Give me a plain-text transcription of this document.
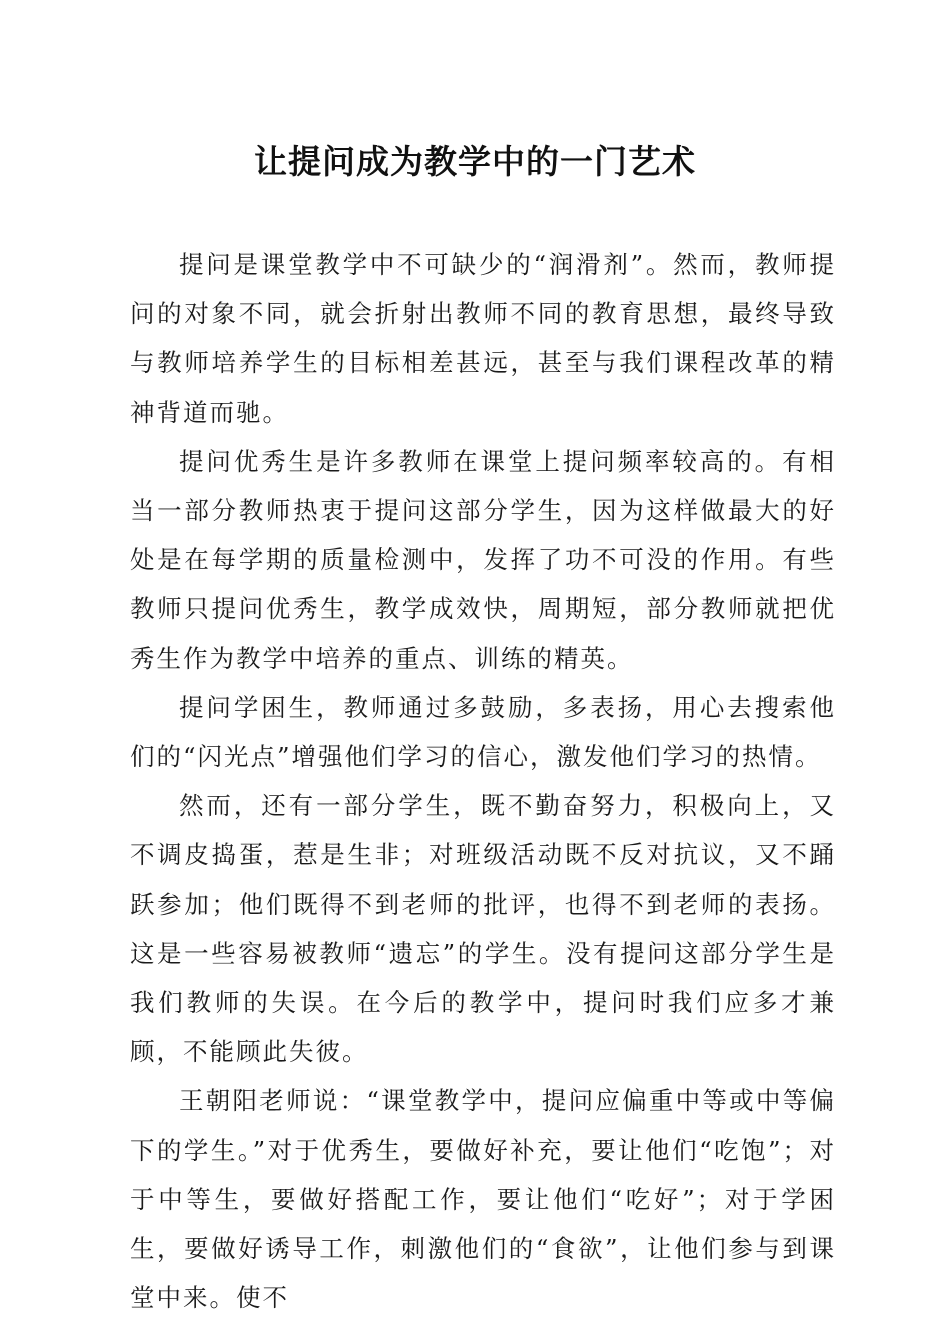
让提问成为教学中的一门艺术

提问是课堂教学中不可缺少的“润滑剂”。然而，教师提问的对象不同，就会折射出教师不同的教育思想，最终导致与教师培养学生的目标相差甚远，甚至与我们课程改革的精神背道而驰。

提问优秀生是许多教师在课堂上提问频率较高的。有相当一部分教师热衷于提问这部分学生，因为这样做最大的好处是在每学期的质量检测中，发挥了功不可没的作用。有些教师只提问优秀生，教学成效快，周期短，部分教师就把优秀生作为教学中培养的重点、训练的精英。

提问学困生，教师通过多鼓励，多表扬，用心去搜索他们的“闪光点”增强他们学习的信心，激发他们学习的热情。

然而，还有一部分学生，既不勤奋努力，积极向上，又不调皮捣蛋，惹是生非；对班级活动既不反对抗议，又不踊跃参加；他们既得不到老师的批评，也得不到老师的表扬。这是一些容易被教师“遗忘”的学生。没有提问这部分学生是我们教师的失误。在今后的教学中，提问时我们应多才兼顾，不能顾此失彼。

王朝阳老师说：“课堂教学中，提问应偏重中等或中等偏下的学生。”对于优秀生，要做好补充，要让他们“吃饱”；对于中等生，要做好搭配工作，要让他们“吃好”；对于学困生，要做好诱导工作，刺激他们的“食欲”，让他们参与到课堂中来。使不
